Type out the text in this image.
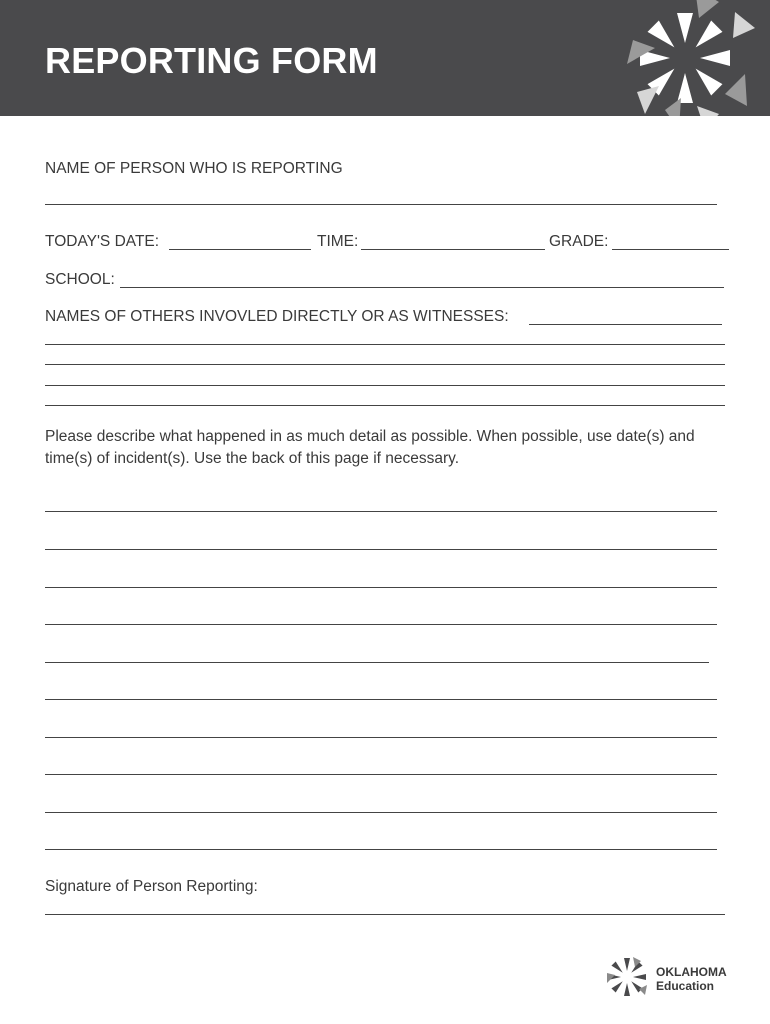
REPORTING FORM
NAME OF PERSON WHO IS REPORTING
TODAY'S DATE:	TIME:	GRADE:
SCHOOL:
NAMES OF OTHERS INVOVLED DIRECTLY OR AS WITNESSES:

Please describe what happened in as much detail as possible. When possible, use date(s) and time(s) of incident(s). Use the back of this page if necessary.

Signature of Person Reporting:
OKLAHOMA
Education
